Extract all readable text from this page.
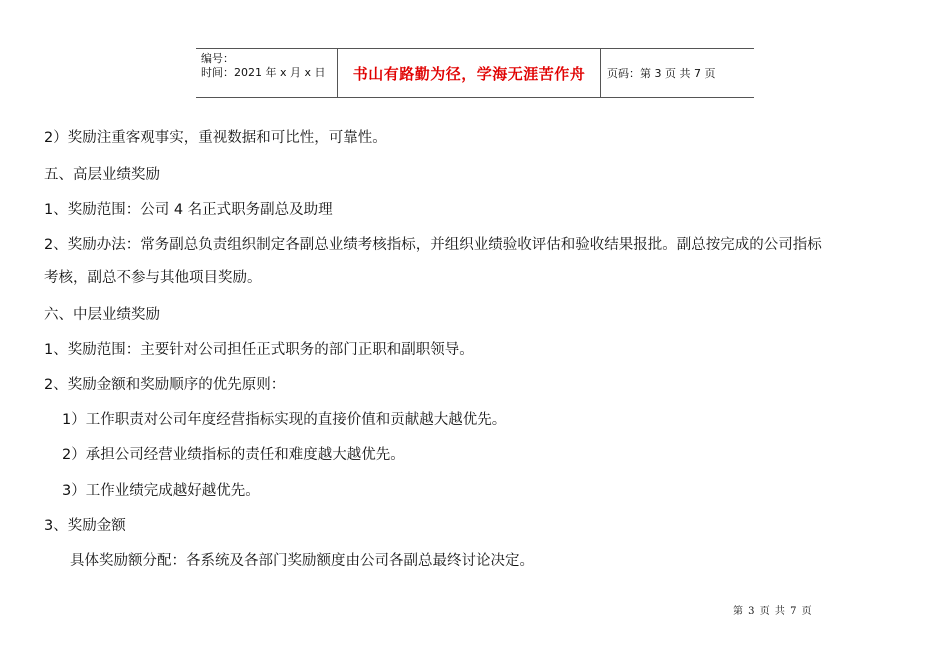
编号：
时间：2021 年 x 月 x 日	书山有路勤为径，学海无涯苦作舟	页码：第 3 页 共 7 页
2）奖励注重客观事实，重视数据和可比性，可靠性。
五、高层业绩奖励
1、奖励范围：公司 4 名正式职务副总及助理
2、奖励办法：常务副总负责组织制定各副总业绩考核指标，并组织业绩验收评估和验收结果报批。副总按完成的公司指标
考核，副总不参与其他项目奖励。
六、中层业绩奖励
1、奖励范围：主要针对公司担任正式职务的部门正职和副职领导。
2、奖励金额和奖励顺序的优先原则：
1）工作职责对公司年度经营指标实现的直接价值和贡献越大越优先。
2）承担公司经营业绩指标的责任和难度越大越优先。
3）工作业绩完成越好越优先。
3、奖励金额
具体奖励额分配：各系统及各部门奖励额度由公司各副总最终讨论决定。
第 3 页 共 7 页
